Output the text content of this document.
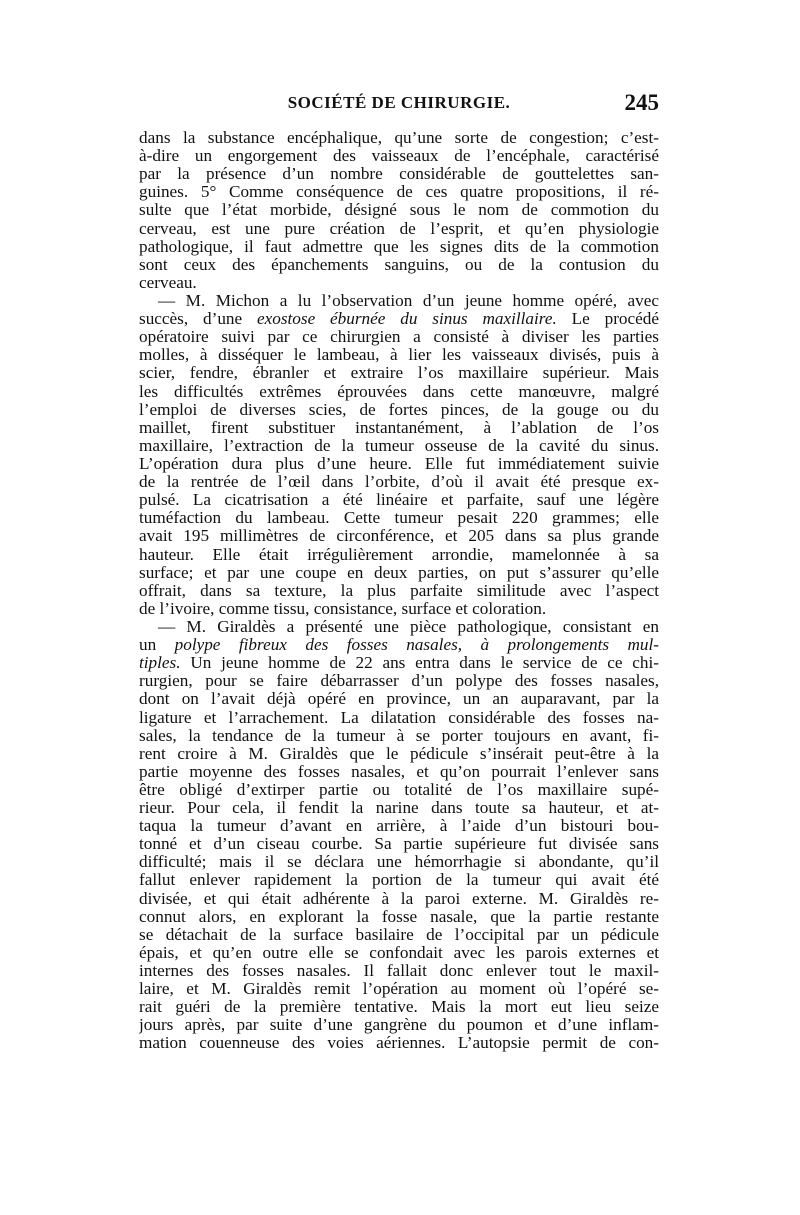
SOCIÉTÉ DE CHIRURGIE.	245
dans la substance encéphalique, qu’une sorte de congestion; c’est-
à-dire un engorgement des vaisseaux de l’encéphale, caractérisé
par la présence d’un nombre considérable de gouttelettes san-
guines. 5° Comme conséquence de ces quatre propositions, il ré-
sulte que l’état morbide, désigné sous le nom de commotion du
cerveau, est une pure création de l’esprit, et qu’en physiologie
pathologique, il faut admettre que les signes dits de la commotion
sont ceux des épanchements sanguins, ou de la contusion du
cerveau.
— M. Michon a lu l’observation d’un jeune homme opéré, avec
succès, d’une exostose éburnée du sinus maxillaire. Le procédé
opératoire suivi par ce chirurgien a consisté à diviser les parties
molles, à disséquer le lambeau, à lier les vaisseaux divisés, puis à
scier, fendre, ébranler et extraire l’os maxillaire supérieur. Mais
les difficultés extrêmes éprouvées dans cette manœuvre, malgré
l’emploi de diverses scies, de fortes pinces, de la gouge ou du
maillet, firent substituer instantanément, à l’ablation de l’os
maxillaire, l’extraction de la tumeur osseuse de la cavité du sinus.
L’opération dura plus d’une heure. Elle fut immédiatement suivie
de la rentrée de l’œil dans l’orbite, d’où il avait été presque ex-
pulsé. La cicatrisation a été linéaire et parfaite, sauf une légère
tuméfaction du lambeau. Cette tumeur pesait 220 grammes; elle
avait 195 millimètres de circonférence, et 205 dans sa plus grande
hauteur. Elle était irrégulièrement arrondie, mamelonnée à sa
surface; et par une coupe en deux parties, on put s’assurer qu’elle
offrait, dans sa texture, la plus parfaite similitude avec l’aspect
de l’ivoire, comme tissu, consistance, surface et coloration.
— M. Giraldès a présenté une pièce pathologique, consistant en
un polype fibreux des fosses nasales, à prolongements mul-
tiples. Un jeune homme de 22 ans entra dans le service de ce chi-
rurgien, pour se faire débarrasser d’un polype des fosses nasales,
dont on l’avait déjà opéré en province, un an auparavant, par la
ligature et l’arrachement. La dilatation considérable des fosses na-
sales, la tendance de la tumeur à se porter toujours en avant, fi-
rent croire à M. Giraldès que le pédicule s’insérait peut-être à la
partie moyenne des fosses nasales, et qu’on pourrait l’enlever sans
être obligé d’extirper partie ou totalité de l’os maxillaire supé-
rieur. Pour cela, il fendit la narine dans toute sa hauteur, et at-
taqua la tumeur d’avant en arrière, à l’aide d’un bistouri bou-
tonné et d’un ciseau courbe. Sa partie supérieure fut divisée sans
difficulté; mais il se déclara une hémorrhagie si abondante, qu’il
fallut enlever rapidement la portion de la tumeur qui avait été
divisée, et qui était adhérente à la paroi externe. M. Giraldès re-
connut alors, en explorant la fosse nasale, que la partie restante
se détachait de la surface basilaire de l’occipital par un pédicule
épais, et qu’en outre elle se confondait avec les parois externes et
internes des fosses nasales. Il fallait donc enlever tout le maxil-
laire, et M. Giraldès remit l’opération au moment où l’opéré se-
rait guéri de la première tentative. Mais la mort eut lieu seize
jours après, par suite d’une gangrène du poumon et d’une inflam-
mation couenneuse des voies aériennes. L’autopsie permit de con-
